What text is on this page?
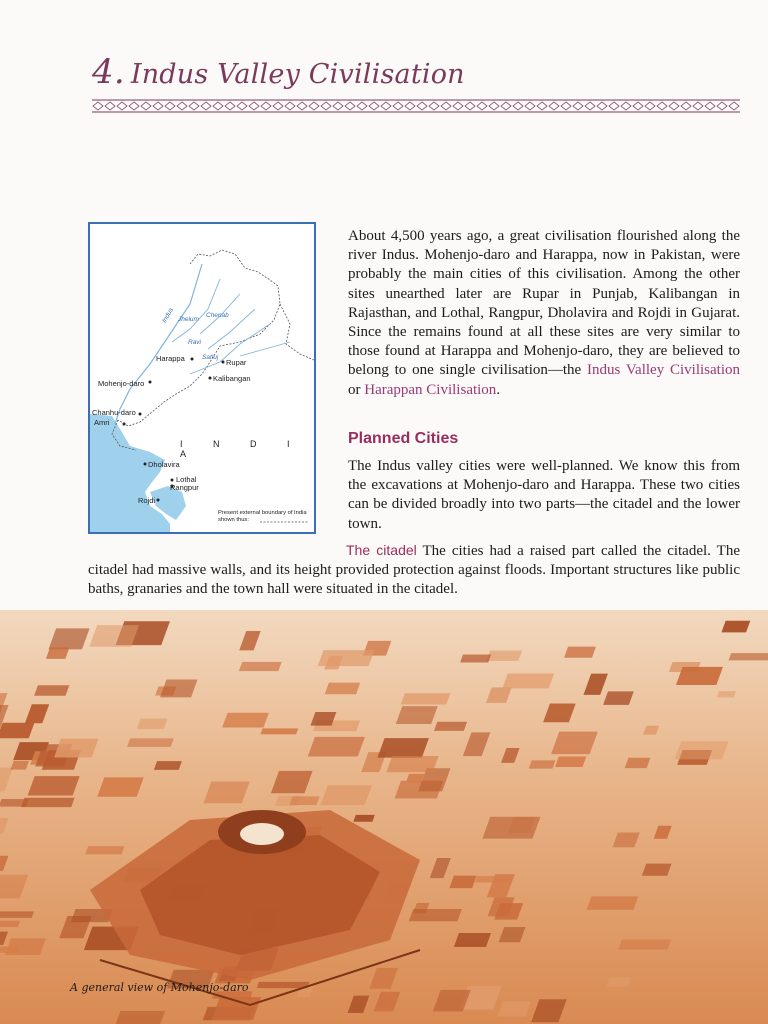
4. Indus Valley Civilisation
Indus Jhelum
Chenab
Ravi
Harappa	Satluj
Rupar
Kalibangan
Mohenjo-daro
Chanhu-daro
Amri
I N D I A
Dholavira
Lothal
Rangpur
Rojdi
Present external boundary of India shown thus:

About 4,500 years ago, a great civilisation flourished along the river Indus. Mohenjo-daro and Harappa, now in Pakistan, were probably the main cities of this civilisation. Among the other sites unearthed later are Rupar in Punjab, Kalibangan in Rajasthan, and Lothal, Rangpur, Dholavira and Rojdi in Gujarat. Since the remains found at all these sites are very similar to those found at Harappa and Mohenjo-daro, they are believed to belong to one single civilisation—the Indus Valley Civilisation or Harappan Civilisation.

Planned Cities

The Indus valley cities were well-planned. We know this from the excavations at Mohenjo-daro and Harappa. These two cities can be divided broadly into two parts—the citadel and the lower town.

The citadel The cities had a raised part called the citadel. The citadel had massive walls, and its height provided protection against floods. Important structures like public baths, granaries and the town hall were situated in the citadel.

A general view of Mohenjo-daro
